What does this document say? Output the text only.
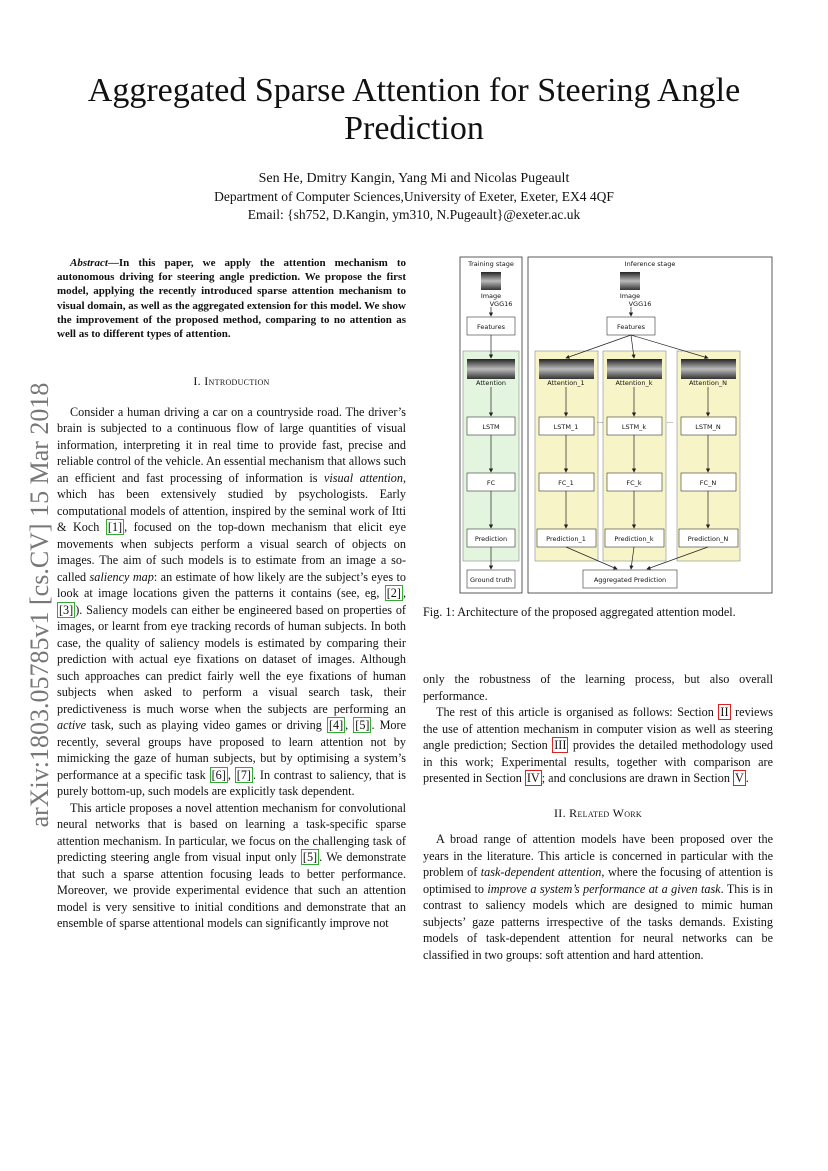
arXiv:1803.05785v1 [cs.CV] 15 Mar 2018
Aggregated Sparse Attention for Steering Angle
Prediction
Sen He, Dmitry Kangin, Yang Mi and Nicolas Pugeault
Department of Computer Sciences,University of Exeter, Exeter, EX4 4QF
Email: {sh752, D.Kangin, ym310, N.Pugeault}@exeter.ac.uk
Abstract—In this paper, we apply the attention mechanism to autonomous driving for steering angle prediction. We propose the first model, applying the recently introduced sparse attention mechanism to visual domain, as well as the aggregated extension for this model. We show the improvement of the proposed method, comparing to no attention as well as to different types of attention.

I. Introduction

Consider a human driving a car on a countryside road. The driver’s brain is subjected to a continuous flow of large quantities of visual information, interpreting it in real time to provide fast, precise and reliable control of the vehicle. An essential mechanism that allows such an efficient and fast processing of information is visual attention, which has been extensively studied by psychologists. Early computational models of attention, inspired by the seminal work of Itti & Koch [1] , focused on the top-down mechanism that elicit eye movements when subjects perform a visual search of objects on images. The aim of such models is to estimate from an image a so-called saliency map: an estimate of how likely are the subject’s eyes to look at image locations given the patterns it contains (see, eg, [2] , [3] ). Saliency models can either be engineered based on properties of images, or learnt from eye tracking records of human subjects. In both case, the quality of saliency models is estimated by comparing their prediction with actual eye fixations on dataset of images. Although such approaches can predict fairly well the eye fixations of human subjects when asked to perform a visual search task, their predictiveness is much worse when the subjects are performing an active task, such as playing video games or driving [4] , [5] . More recently, several groups have proposed to learn attention not by mimicking the gaze of human subjects, but by optimising a system’s performance at a specific task [6] , [7] . In contrast to saliency, that is purely bottom-up, such models are explicitly task dependent.

This article proposes a novel attention mechanism for convolutional neural networks that is based on learning a task-specific sparse attention mechanism. In particular, we focus on the challenging task of predicting steering angle from visual input only [5] . We demonstrate that such a sparse attention focusing leads to better performance. Moreover, we provide experimental evidence that such an attention model is very sensitive to initial conditions and demonstrate that an ensemble of sparse attentional models can significantly improve not

Training stage	Inference stage
Image
VGG16
Features
Attention
LSTM
FC
Prediction
Ground truth
Image
VGG16
Features
Attention_1	Attention_k	Attention_N
LSTM_1	LSTM_k	LSTM_N
...	...
FC_1	FC_k	FC_N
Prediction_1	Prediction_k	Prediction_N
Aggregated Prediction
Fig. 1: Architecture of the proposed aggregated attention model.

only the robustness of the learning process, but also overall performance.

The rest of this article is organised as follows: Section II reviews the use of attention mechanism in computer vision as well as steering angle prediction; Section III provides the detailed methodology used in this work; Experimental results, together with comparison are presented in Section IV ; and conclusions are drawn in Section V .

II. Related Work

A broad range of attention models have been proposed over the years in the literature. This article is concerned in particular with the problem of task-dependent attention, where the focusing of attention is optimised to improve a system’s performance at a given task. This is in contrast to saliency models which are designed to mimic human subjects’ gaze patterns irrespective of the tasks demands. Existing models of task-dependent attention for neural networks can be classified in two groups: soft attention and hard attention.
